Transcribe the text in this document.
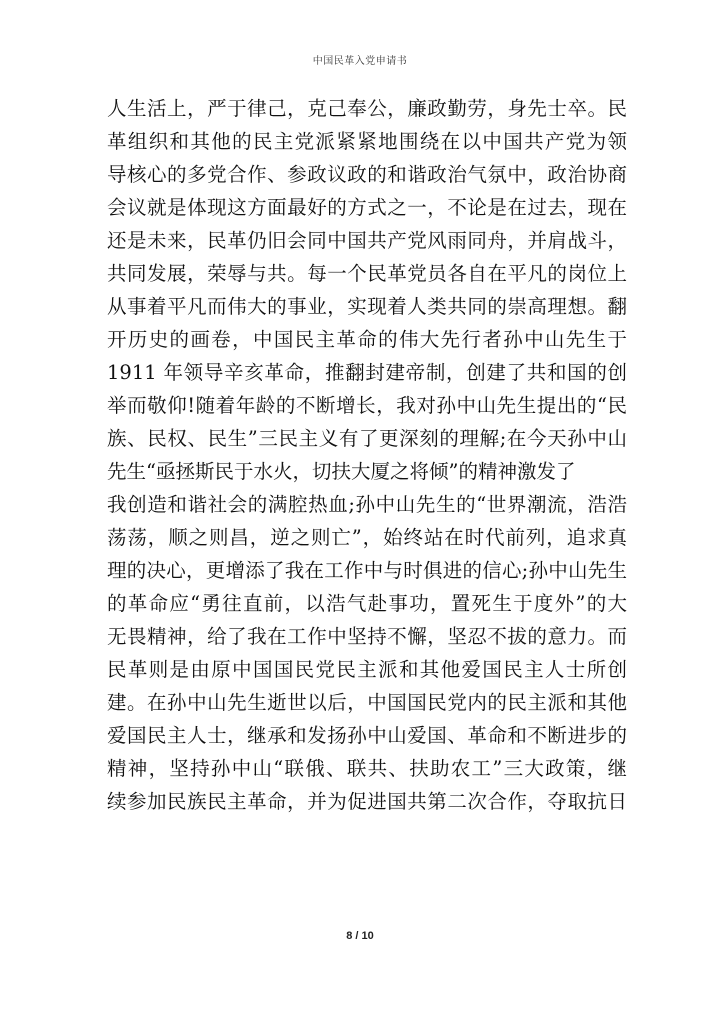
中国民革入党申请书
人生活上，严于律己，克己奉公，廉政勤劳，身先士卒。民
革组织和其他的民主党派紧紧地围绕在以中国共产党为领
导核心的多党合作、参政议政的和谐政治气氛中，政治协商
会议就是体现这方面最好的方式之一，不论是在过去，现在
还是未来，民革仍旧会同中国共产党风雨同舟，并肩战斗，
共同发展，荣辱与共。每一个民革党员各自在平凡的岗位上
从事着平凡而伟大的事业，实现着人类共同的崇高理想。翻
开历史的画卷，中国民主革命的伟大先行者孙中山先生于
1911 年领导辛亥革命，推翻封建帝制，创建了共和国的创
举而敬仰!随着年龄的不断增长，我对孙中山先生提出的“民
族、民权、民生”三民主义有了更深刻的理解;在今天孙中山
先生“亟拯斯民于水火，切扶大厦之将倾”的精神激发了
我创造和谐社会的满腔热血;孙中山先生的“世界潮流，浩浩
荡荡，顺之则昌，逆之则亡”，始终站在时代前列，追求真
理的决心，更增添了我在工作中与时俱进的信心;孙中山先生
的革命应“勇往直前，以浩气赴事功，置死生于度外”的大
无畏精神，给了我在工作中坚持不懈，坚忍不拔的意力。而
民革则是由原中国国民党民主派和其他爱国民主人士所创
建。在孙中山先生逝世以后，中国国民党内的民主派和其他
爱国民主人士，继承和发扬孙中山爱国、革命和不断进步的
精神，坚持孙中山“联俄、联共、扶助农工”三大政策，继
续参加民族民主革命，并为促进国共第二次合作，夺取抗日
8 / 10
